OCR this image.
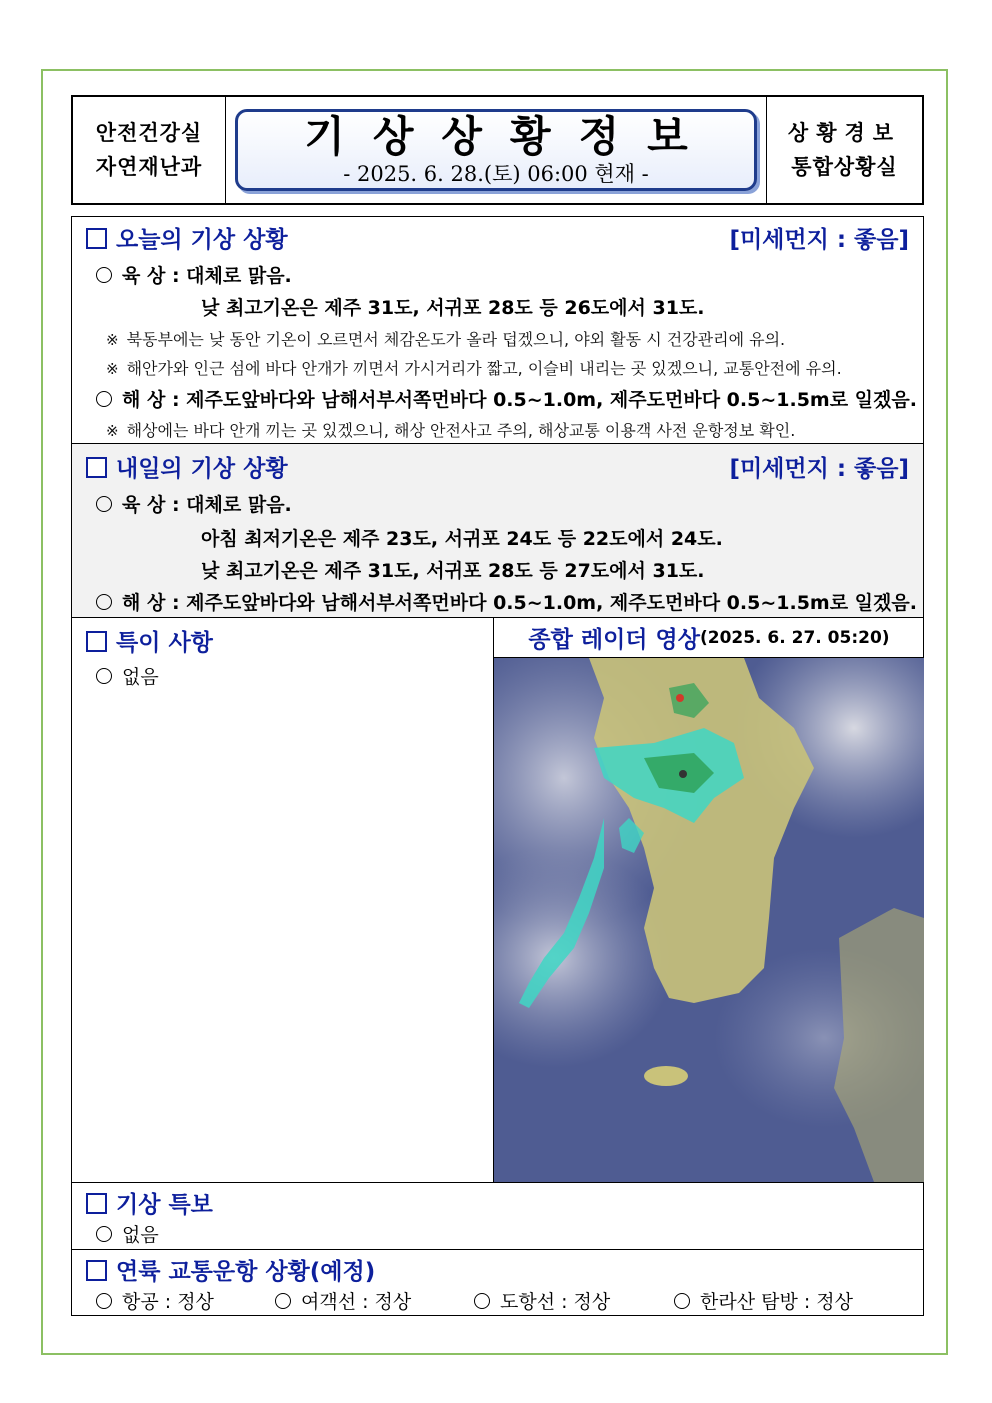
안전건강실
자연재난과
기상상황정보
- 2025. 6. 28.(토) 06:00 현재 -
상황경보
통합상황실
오늘의 기상 상황	[미세먼지 : 좋음]
육 상 : 대체로 맑음.
낮 최고기온은 제주 31도, 서귀포 28도 등 26도에서 31도.
※ 북동부에는 낮 동안 기온이 오르면서 체감온도가 올라 덥겠으니, 야외 활동 시 건강관리에 유의.
※ 해안가와 인근 섬에 바다 안개가 끼면서 가시거리가 짧고, 이슬비 내리는 곳 있겠으니, 교통안전에 유의.
해 상 : 제주도앞바다와 남해서부서쪽먼바다 0.5~1.0m, 제주도먼바다 0.5~1.5m로 일겠음.
※ 해상에는 바다 안개 끼는 곳 있겠으니, 해상 안전사고 주의, 해상교통 이용객 사전 운항정보 확인.
내일의 기상 상황	[미세먼지 : 좋음]
육 상 : 대체로 맑음.
아침 최저기온은 제주 23도, 서귀포 24도 등 22도에서 24도.
낮 최고기온은 제주 31도, 서귀포 28도 등 27도에서 31도.
해 상 : 제주도앞바다와 남해서부서쪽먼바다 0.5~1.0m, 제주도먼바다 0.5~1.5m로 일겠음.
특이 사항
없음
종합 레이더 영상 (2025. 6. 27. 05:20)
기상 특보
없음
연륙 교통운항 상황(예정)
항공 : 정상	여객선 : 정상	도항선 : 정상	한라산 탐방 : 정상
